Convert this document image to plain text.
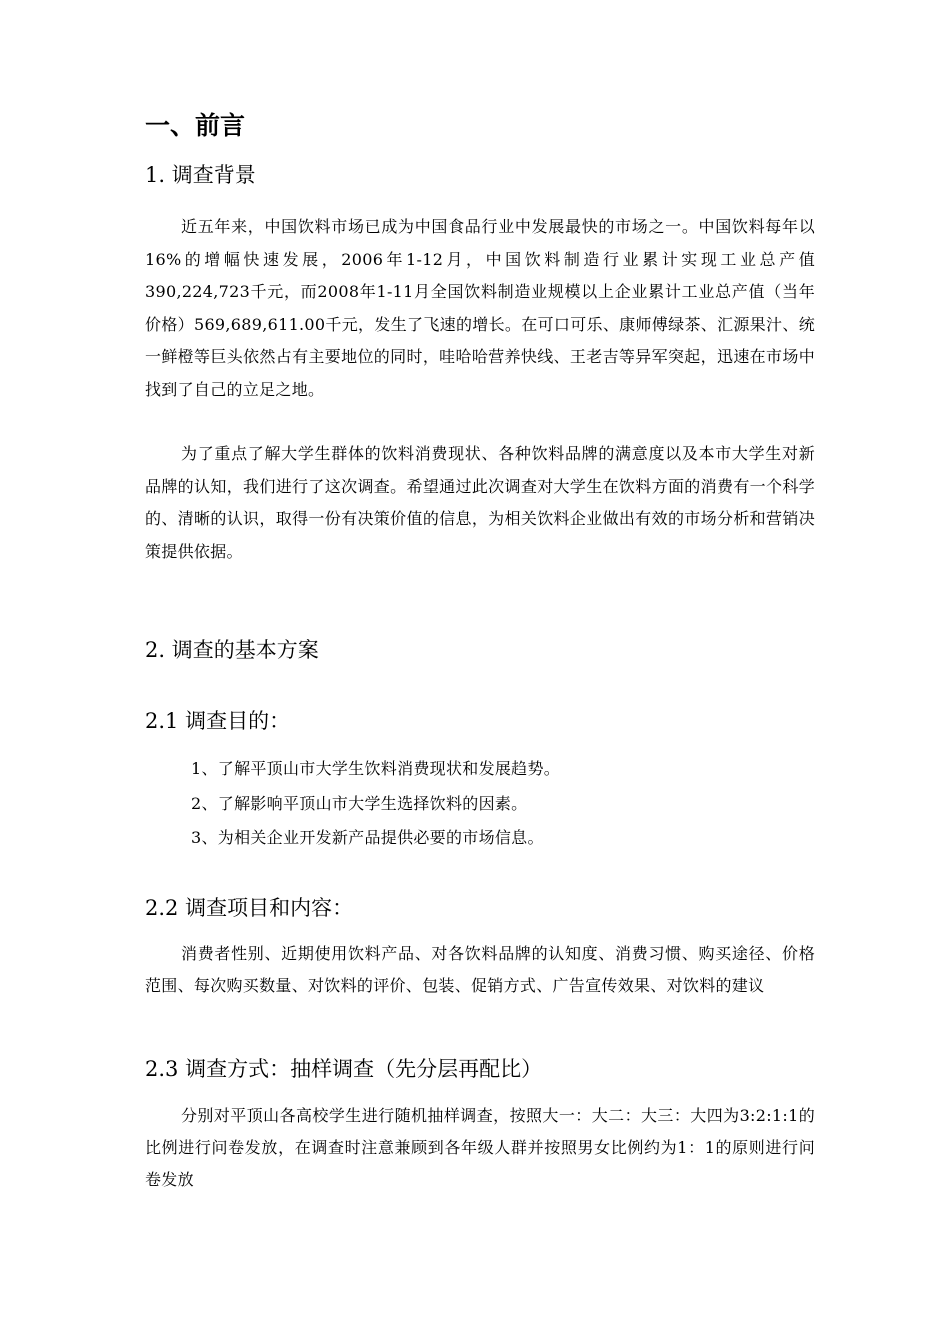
一、前言
1. 调查背景

近五年来，中国饮料市场已成为中国食品行业中发展最快的市场之一。中国饮料每年以16%的增幅快速发展，2006年1-12月，中国饮料制造行业累计实现工业总产值390,224,723千元，而2008年1-11月全国饮料制造业规模以上企业累计工业总产值（当年价格）569,689,611.00千元，发生了飞速的增长。在可口可乐、康师傅绿茶、汇源果汁、统一鲜橙等巨头依然占有主要地位的同时，哇哈哈营养快线、王老吉等异军突起，迅速在市场中找到了自己的立足之地。

为了重点了解大学生群体的饮料消费现状、各种饮料品牌的满意度以及本市大学生对新品牌的认知，我们进行了这次调查。希望通过此次调查对大学生在饮料方面的消费有一个科学的、清晰的认识，取得一份有决策价值的信息，为相关饮料企业做出有效的市场分析和营销决策提供依据。

2. 调查的基本方案
2.1 调查目的：
1、了解平顶山市大学生饮料消费现状和发展趋势。
2、了解影响平顶山市大学生选择饮料的因素。
3、为相关企业开发新产品提供必要的市场信息。
2.2 调查项目和内容：

消费者性别、近期使用饮料产品、对各饮料品牌的认知度、消费习惯、购买途径、价格范围、每次购买数量、对饮料的评价、包装、促销方式、广告宣传效果、对饮料的建议

2.3 调查方式：抽样调查（先分层再配比）

分别对平顶山各高校学生进行随机抽样调查，按照大一：大二：大三：大四为3:2:1:1的比例进行问卷发放，在调查时注意兼顾到各年级人群并按照男女比例约为1：1的原则进行问卷发放
